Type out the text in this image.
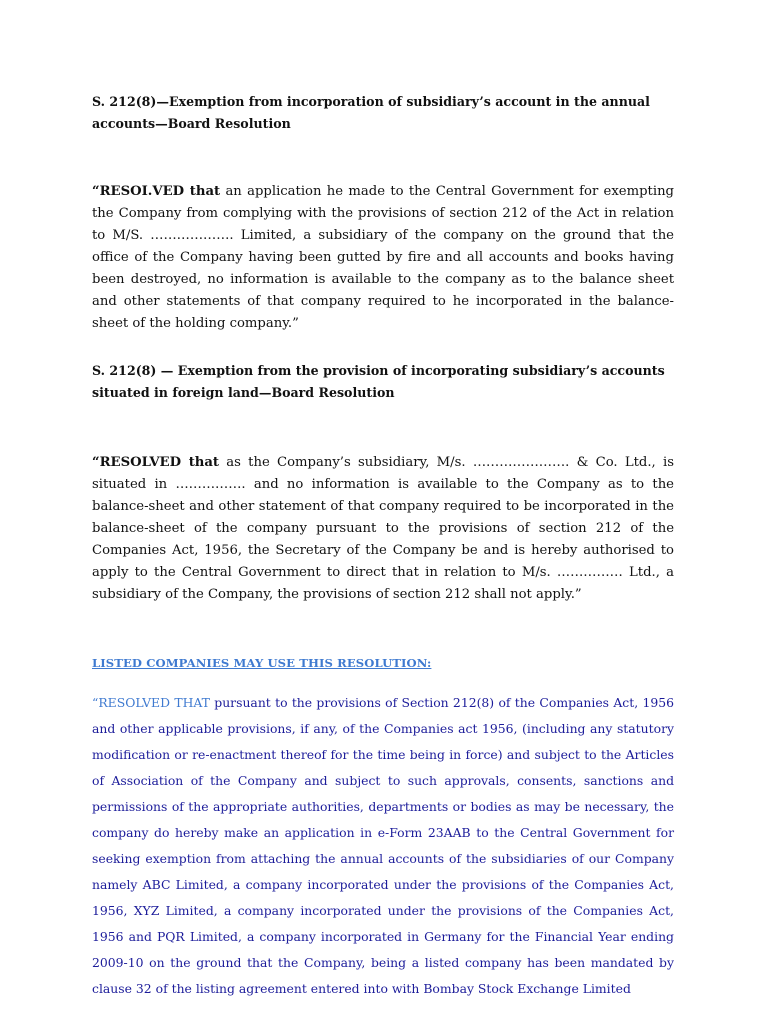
S. 212(8)—Exemption from incorporation of subsidiary’s account in the annual accounts—Board Resolution
“RESOI.VED that an application he made to the Central Government for exempting the Company from complying with the provisions of section 212 of the Act in relation to M/S. ………………. Limited, a subsidiary of the company on the ground that the office of the Company having been gutted by fire and all accounts and books having been destroyed, no information is available to the company as to the balance sheet and other statements of that company required to he incorporated in the balance-sheet of the holding company.”
S. 212(8) — Exemption from the provision of incorporating subsidiary’s accounts situated in foreign land—Board Resolution
“RESOLVED that as the Company’s subsidiary, M/s. …………………. & Co. Ltd., is situated in ……………. and no information is available to the Company as to the balance-sheet and other statement of that company required to be incorporated in the balance-sheet of the company pursuant to the provisions of section 212 of the Companies Act, 1956, the Secretary of the Company be and is hereby authorised to apply to the Central Government to direct that in relation to M/s. …………… Ltd., a subsidiary of the Company, the provisions of section 212 shall not apply.”
LISTED COMPANIES MAY USE THIS RESOLUTION:
“RESOLVED THAT pursuant to the provisions of Section 212(8) of the Companies Act, 1956 and other applicable provisions, if any, of the Companies act 1956, (including any statutory modification or re-enactment thereof for the time being in force) and subject to the Articles of Association of the Company and subject to such approvals, consents, sanctions and permissions of the appropriate authorities, departments or bodies as may be necessary, the company do hereby make an application in e-Form 23AAB to the Central Government for seeking exemption from attaching the annual accounts of the subsidiaries of our Company namely ABC Limited, a company incorporated under the provisions of the Companies Act, 1956, XYZ Limited, a company incorporated under the provisions of the Companies Act, 1956 and PQR Limited, a company incorporated in Germany for the Financial Year ending 2009-10 on the ground that the Company, being a listed company has been mandated by clause 32 of the listing agreement entered into with Bombay Stock Exchange Limited
